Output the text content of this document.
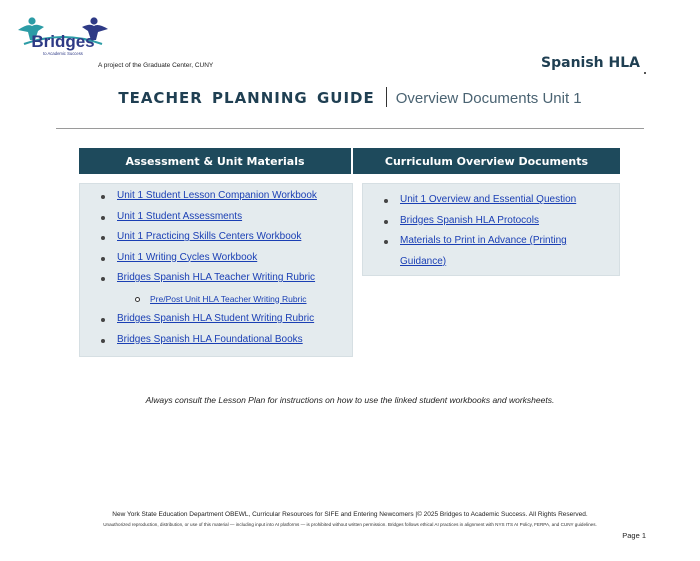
Bridges
to Academic Success
A project of the Graduate Center, CUNY	Spanish HLA
TEACHER PLANNING GUIDE Overview Documents Unit 1
Assessment & Unit Materials	Curriculum Overview Documents
Unit 1 Student Lesson Companion Workbook
Unit 1 Student Assessments
Unit 1 Practicing Skills Centers Workbook
Unit 1 Writing Cycles Workbook
Bridges Spanish HLA Teacher Writing Rubric
Pre/Post Unit HLA Teacher Writing Rubric
Bridges Spanish HLA Student Writing Rubric
Bridges Spanish HLA Foundational Books
Unit 1 Overview and Essential Question
Bridges Spanish HLA Protocols
Materials to Print in Advance (Printing Guidance)
Always consult the Lesson Plan for instructions on how to use the linked student workbooks and worksheets.
New York State Education Department OBEWL, Curricular Resources for SIFE and Entering Newcomers |© 2025 Bridges to Academic Success. All Rights Reserved.
Unauthorized reproduction, distribution, or use of this material — including input into AI platforms — is prohibited without written permission. Bridges follows ethical AI practices in alignment with NYS ITS AI Policy, FERPA, and CUNY guidelines.
Page 1
